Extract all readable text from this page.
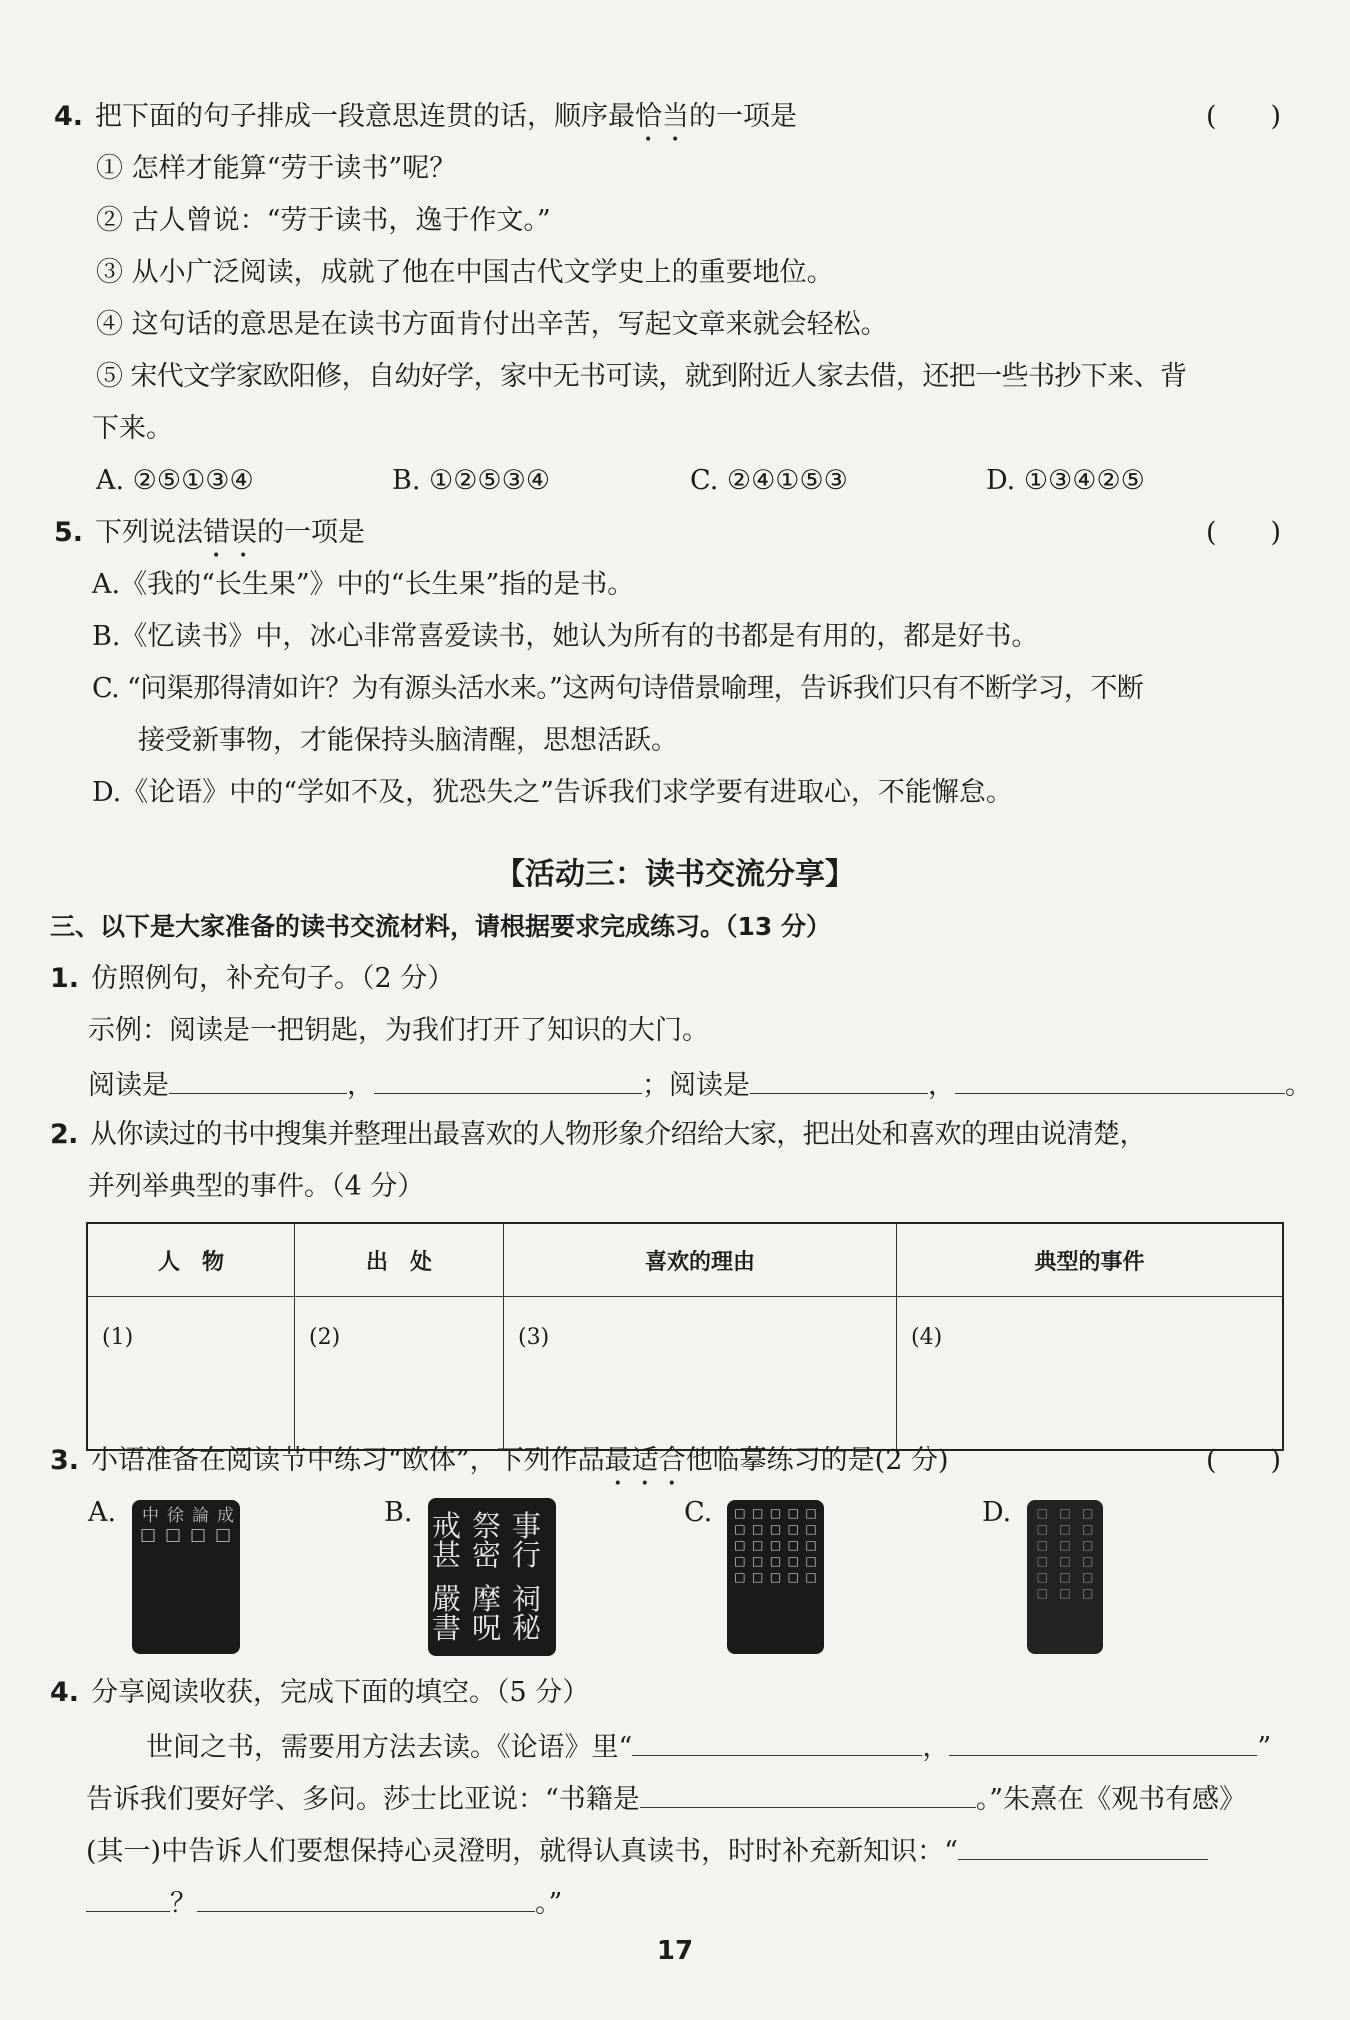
4. 把下面的句子排成一段意思连贯的话，顺序最恰当的一项是	(　　)
① 怎样才能算“劳于读书”呢？
② 古人曾说：“劳于读书，逸于作文。”
③ 从小广泛阅读，成就了他在中国古代文学史上的重要地位。
④ 这句话的意思是在读书方面肯付出辛苦，写起文章来就会轻松。
⑤ 宋代文学家欧阳修，自幼好学，家中无书可读，就到附近人家去借，还把一些书抄下来、背
下来。
A. ②⑤①③④	B. ①②⑤③④	C. ②④①⑤③	D. ①③④②⑤
5. 下列说法错误的一项是	(　　)
A.《我的“长生果”》中的“长生果”指的是书。
B.《忆读书》中，冰心非常喜爱读书，她认为所有的书都是有用的，都是好书。
C. “问渠那得清如许？为有源头活水来。”这两句诗借景喻理，告诉我们只有不断学习，不断
接受新事物，才能保持头脑清醒，思想活跃。
D.《论语》中的“学如不及，犹恐失之”告诉我们求学要有进取心，不能懈怠。
【活动三：读书交流分享】
三、以下是大家准备的读书交流材料，请根据要求完成练习。（13 分）
1. 仿照例句，补充句子。（2 分）
示例：阅读是一把钥匙，为我们打开了知识的大门。
阅读是	，	；阅读是	，	。
2. 从你读过的书中搜集并整理出最喜欢的人物形象介绍给大家，把出处和喜欢的理由说清楚，
并列举典型的事件。（4 分）
人　物	出　处	喜欢的理由	典型的事件
(1)	(2)	(3)	(4)
3. 小语准备在阅读节中练习“欧体”，下列作品最适合他临摹练习的是(2 分)	(　　)
A.	成□
論□
徐□
中□	B.	事行
祠秘
祭密
摩呪
戒甚
嚴書
C.	□□□□□
□□□□□
□□□□□
□□□□□
□□□□□	D.	□□□□□□
□□□□□□
□□□□□□
4. 分享阅读收获，完成下面的填空。（5 分）
世间之书，需要用方法去读。《论语》里“	，	”
告诉我们要好学、多问。莎士比亚说：“书籍是	。”朱熹在《观书有感》
(其一)中告诉人们要想保持心灵澄明，就得认真读书，时时补充新知识：“
？	。”
17
